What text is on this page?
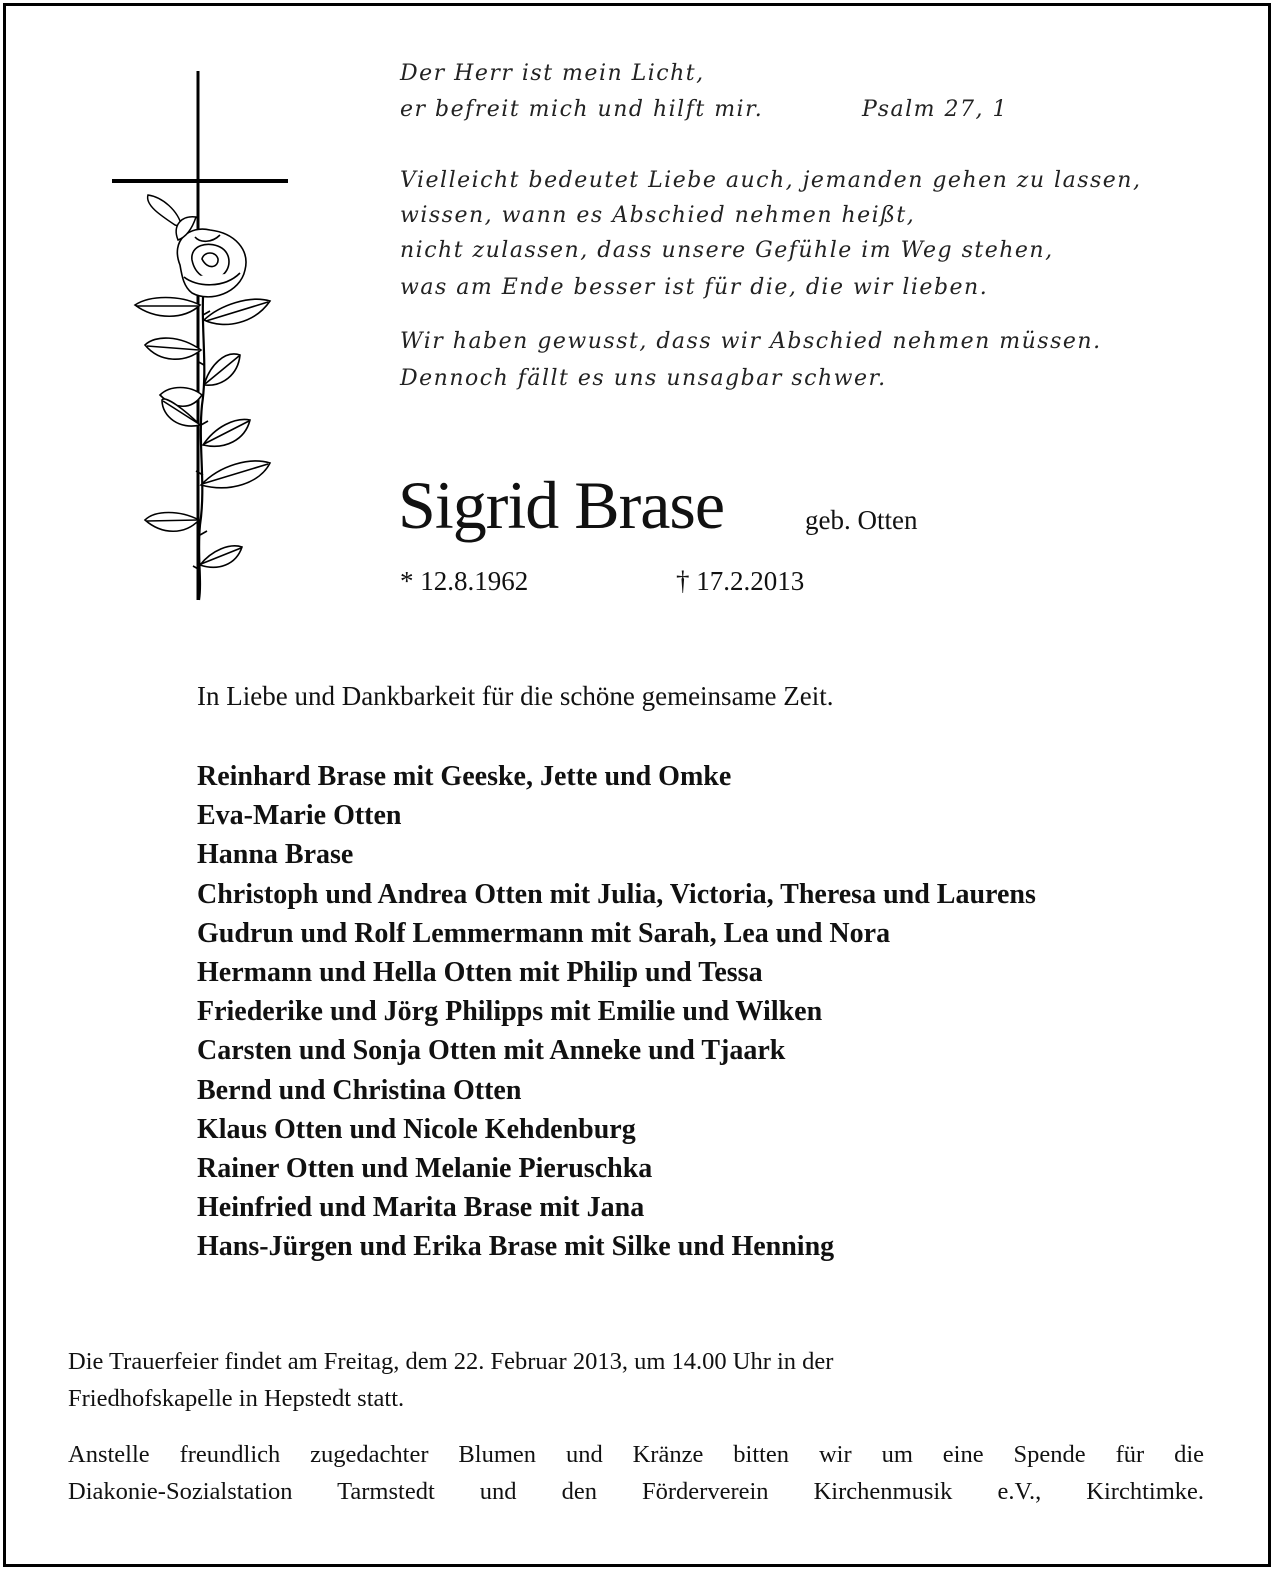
Der Herr ist mein Licht,
er befreit mich und hilft mir.	Psalm 27, 1
Vielleicht bedeutet Liebe auch, jemanden gehen zu lassen,
wissen, wann es Abschied nehmen heißt,
nicht zulassen, dass unsere Gefühle im Weg stehen,
was am Ende besser ist für die, die wir lieben.
Wir haben gewusst, dass wir Abschied nehmen müssen.
Dennoch fällt es uns unsagbar schwer.
Sigrid Brase	geb. Otten
* 12.8.1962	† 17.2.2013
In Liebe und Dankbarkeit für die schöne gemeinsame Zeit.
Reinhard Brase mit Geeske, Jette und Omke
Eva-Marie Otten
Hanna Brase
Christoph und Andrea Otten mit Julia, Victoria, Theresa und Laurens
Gudrun und Rolf Lemmermann mit Sarah, Lea und Nora
Hermann und Hella Otten mit Philip und Tessa
Friederike und Jörg Philipps mit Emilie und Wilken
Carsten und Sonja Otten mit Anneke und Tjaark
Bernd und Christina Otten
Klaus Otten und Nicole Kehdenburg
Rainer Otten und Melanie Pieruschka
Heinfried und Marita Brase mit Jana
Hans-Jürgen und Erika Brase mit Silke und Henning
Die Trauerfeier findet am Freitag, dem 22. Februar 2013, um 14.00 Uhr in der
Friedhofskapelle in Hepstedt statt.
Anstelle freundlich zugedachter Blumen und Kränze bitten wir um eine Spende für die
Diakonie-Sozialstation Tarmstedt und den Förderverein Kirchenmusik e.V., Kirchtimke.
